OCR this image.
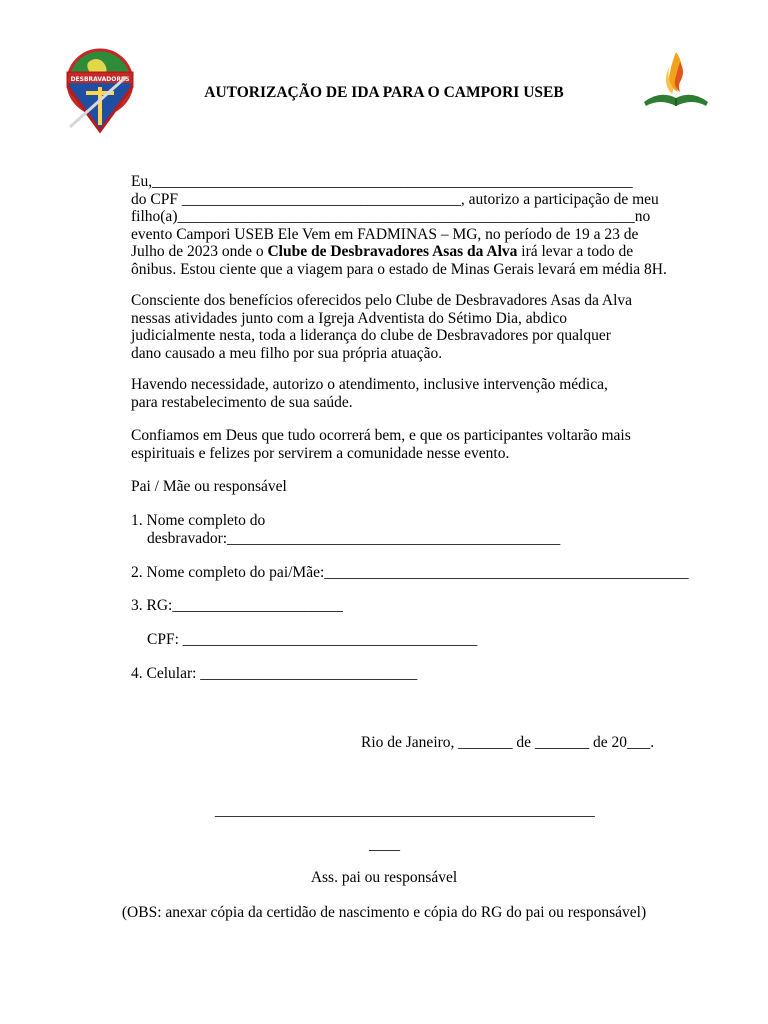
DESBRAVADORES
AUTORIZAÇÃO DE IDA PARA O CAMPORI USEB
Eu,______________________________________________________________
do CPF ____________________________________, autorizo a participação de meu
filho(a)___________________________________________________________ no
evento Campori USEB Ele Vem em FADMINAS – MG, no período de 19 a 23 de
Julho de 2023 onde o Clube de Desbravadores Asas da Alva irá levar a todo de
ônibus. Estou ciente que a viagem para o estado de Minas Gerais levará em média 8H.
Consciente dos benefícios oferecidos pelo Clube de Desbravadores Asas da Alva nessas atividades junto com a Igreja Adventista do Sétimo Dia, abdico judicialmente nesta, toda a liderança do clube de Desbravadores por qualquer dano causado a meu filho por sua própria atuação.
Havendo necessidade, autorizo o atendimento, inclusive intervenção médica, para restabelecimento de sua saúde.
Confiamos em Deus que tudo ocorrerá bem, e que os participantes voltarão mais espirituais e felizes por servirem a comunidade nesse evento.
Pai / Mãe ou responsável
1. Nome completo do
desbravador:___________________________________________
2. Nome completo do pai/Mãe:_______________________________________________
3. RG:______________________
CPF: ______________________________________
4. Celular: ____________________________
Rio de Janeiro, _______ de _______ de 20___.
_________________________________________________
____
Ass. pai ou responsável
(OBS: anexar cópia da certidão de nascimento e cópia do RG do pai ou responsável)
